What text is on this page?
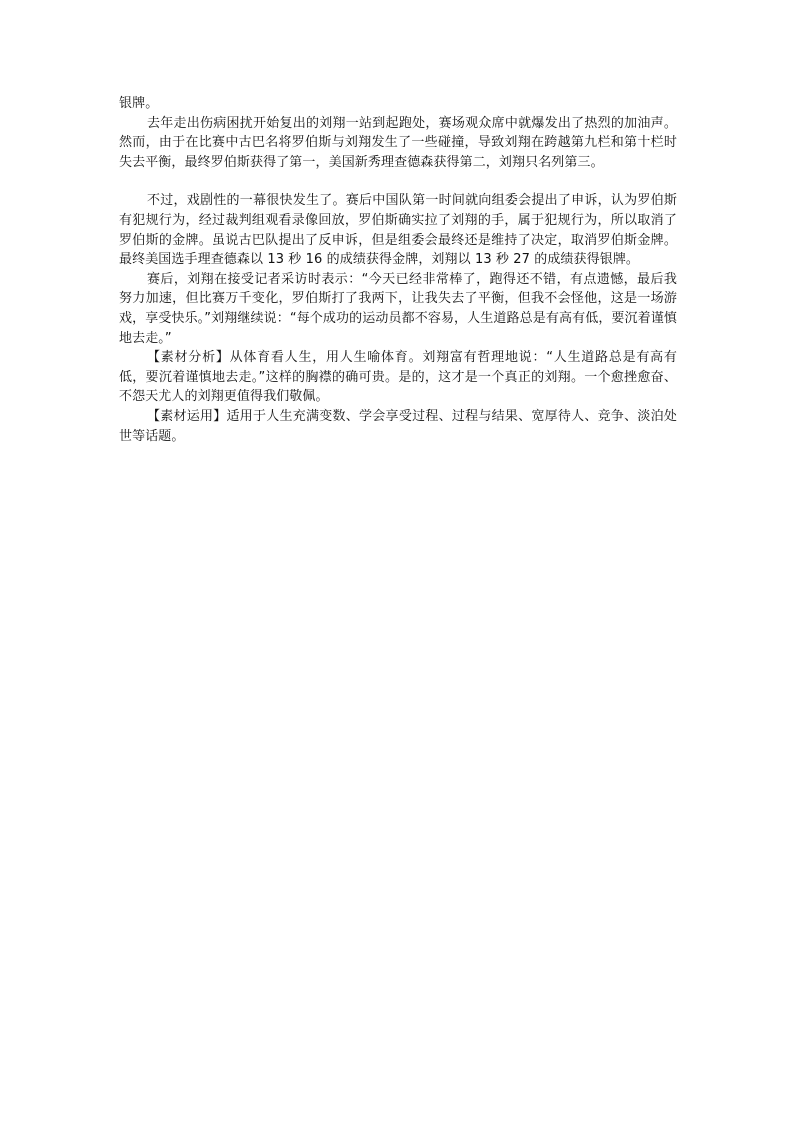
银牌。

去年走出伤病困扰开始复出的刘翔一站到起跑处，赛场观众席中就爆发出了热烈的加油声。然而，由于在比赛中古巴名将罗伯斯与刘翔发生了一些碰撞，导致刘翔在跨越第九栏和第十栏时失去平衡，最终罗伯斯获得了第一，美国新秀理查德森获得第二，刘翔只名列第三。

不过，戏剧性的一幕很快发生了。赛后中国队第一时间就向组委会提出了申诉，认为罗伯斯有犯规行为，经过裁判组观看录像回放，罗伯斯确实拉了刘翔的手，属于犯规行为，所以取消了罗伯斯的金牌。虽说古巴队提出了反申诉，但是组委会最终还是维持了决定，取消罗伯斯金牌。最终美国选手理查德森以 13 秒 16 的成绩获得金牌，刘翔以 13 秒 27 的成绩获得银牌。

赛后，刘翔在接受记者采访时表示：“今天已经非常棒了，跑得还不错，有点遗憾，最后我努力加速，但比赛万千变化，罗伯斯打了我两下，让我失去了平衡，但我不会怪他，这是一场游戏，享受快乐。”刘翔继续说：“每个成功的运动员都不容易，人生道路总是有高有低，要沉着谨慎地去走。”

【素材分析】从体育看人生，用人生喻体育。刘翔富有哲理地说：“人生道路总是有高有低，要沉着谨慎地去走。”这样的胸襟的确可贵。是的，这才是一个真正的刘翔。一个愈挫愈奋、不怨天尤人的刘翔更值得我们敬佩。

【素材运用】适用于人生充满变数、学会享受过程、过程与结果、宽厚待人、竞争、淡泊处世等话题。
